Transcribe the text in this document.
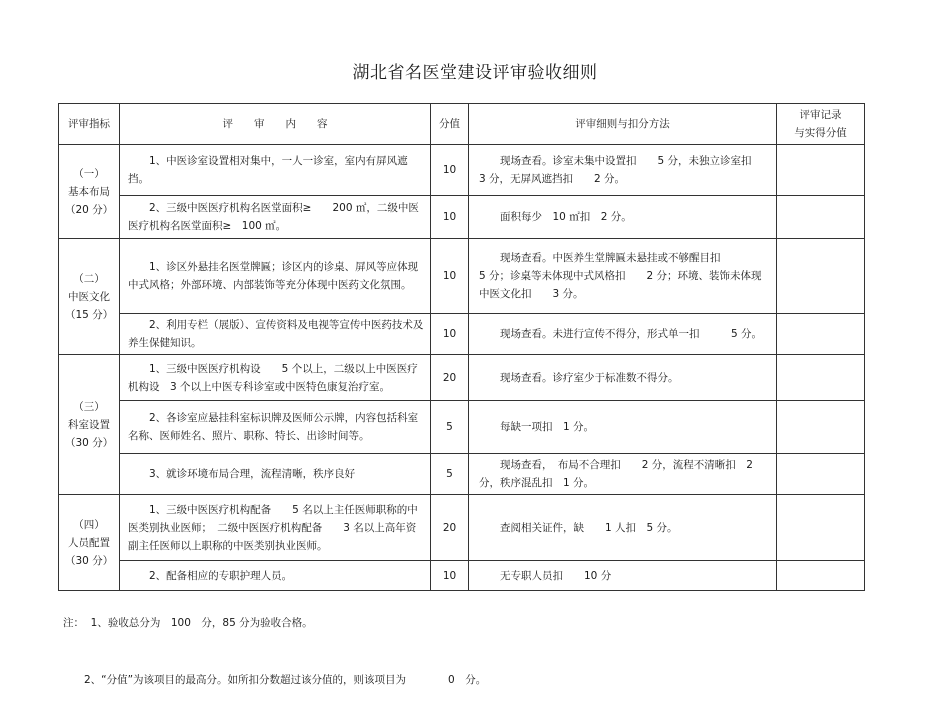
湖北省名医堂建设评审验收细则
评审指标	评　　审　　内　　容	分值	评审细则与扣分方法	评审记录
与实得分值
（一）
基本布局
（20 分）	　　1、中医诊室设置相对集中，一人一诊室，室内有屏风遮挡。	10	　　现场查看。诊室未集中设置扣　　5 分，未独立诊室扣　　3 分，无屏风遮挡扣　　2 分。	
	　　2、三级中医医疗机构名医堂面积≥　　200 ㎡，二级中医医疗机构名医堂面积≥　100 ㎡。	10	　　面积每少　10 ㎡扣　2 分。	
（二）
中医文化
（15 分）	　　1、诊区外悬挂名医堂牌匾；诊区内的诊桌、屏风等应体现中式风格；外部环境、内部装饰等充分体现中医药文化氛围。	10	　　现场查看。中医养生堂牌匾未悬挂或不够醒目扣　　　　　5 分；诊桌等未体现中式风格扣　　2 分；环境、装饰未体现中医文化扣　　3 分。	
	　　2、利用专栏（展版）、宣传资料及电视等宣传中医药技术及养生保健知识。	10	　　现场查看。未进行宣传不得分，形式单一扣　　　5 分。	
（三）
科室设置
（30 分）	　　1、三级中医医疗机构设　　5 个以上，二级以上中医医疗机构设　3 个以上中医专科诊室或中医特色康复治疗室。	20	　　现场查看。诊疗室少于标准数不得分。	
	　　2、各诊室应悬挂科室标识牌及医师公示牌，内容包括科室名称、医师姓名、照片、职称、特长、出诊时间等。	5	　　每缺一项扣　1 分。	
	　　3、就诊环境布局合理，流程清晰，秩序良好	5	　　现场查看，　布局不合理扣　　2 分，流程不清晰扣　2 分，秩序混乱扣　1 分。	
（四）
人员配置
（30 分）	　　1、三级中医医疗机构配备　　5 名以上主任医师职称的中医类别执业医师；　二级中医医疗机构配备　　3 名以上高年资副主任医师以上职称的中医类别执业医师。	20	　　查阅相关证件，缺　　1 人扣　5 分。	
	　　2、配备相应的专职护理人员。	10	　　无专职人员扣　　10 分	

注：  1、验收总分为　100　分，85 分为验收合格。

　　2、“分值”为该项目的最高分。如所扣分数超过该分值的，则该项目为　　　　0　分。
